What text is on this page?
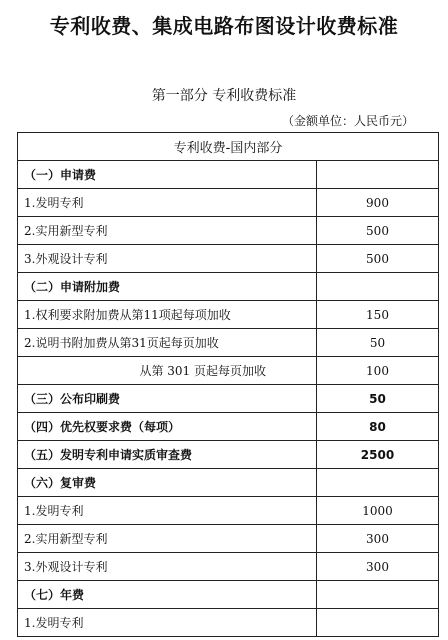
专利收费、集成电路布图设计收费标准
第一部分 专利收费标准
（金额单位：人民币元）
专利收费-国内部分	
（一）申请费	
1.发明专利	900
2.实用新型专利	500
3.外观设计专利	500
（二）申请附加费	
1.权利要求附加费从第11项起每项加收	150
2.说明书附加费从第31页起每页加收	50
从第 301 页起每页加收	100
（三）公布印刷费	50
（四）优先权要求费（每项）	80
（五）发明专利申请实质审查费	2500
（六）复审费	
1.发明专利	1000
2.实用新型专利	300
3.外观设计专利	300
（七）年费	
1.发明专利	
